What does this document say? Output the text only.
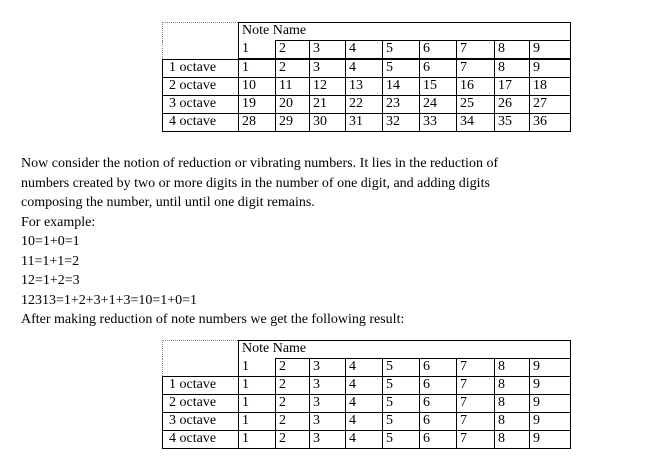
	Note Name								
	1	2	3	4	5	6	7	8	9
1 octave	1	2	3	4	5	6	7	8	9
2 octave	10	11	12	13	14	15	16	17	18
3 octave	19	20	21	22	23	24	25	26	27
4 octave	28	29	30	31	32	33	34	35	36
Now consider the notion of reduction or vibrating numbers. It lies in the reduction of
numbers created by two or more digits in the number of one digit, and adding digits
composing the number, until until one digit remains.
For example:
10=1+0=1
11=1+1=2
12=1+2=3
12313=1+2+3+1+3=10=1+0=1
After making reduction of note numbers we get the following result:
	Note Name								
	1	2	3	4	5	6	7	8	9
1 octave	1	2	3	4	5	6	7	8	9
2 octave	1	2	3	4	5	6	7	8	9
3 octave	1	2	3	4	5	6	7	8	9
4 octave	1	2	3	4	5	6	7	8	9
